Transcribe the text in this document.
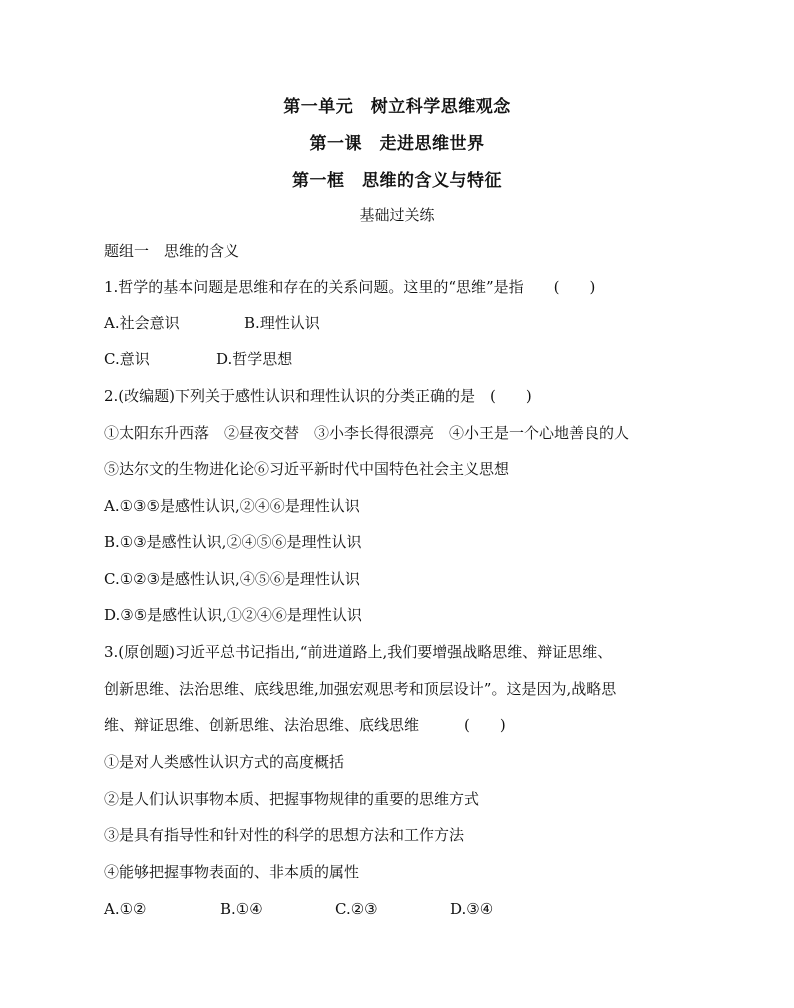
第一单元　树立科学思维观念
第一课　走进思维世界
第一框　思维的含义与特征
基础过关练
题组一　思维的含义
1.哲学的基本问题是思维和存在的关系问题。这里的“思维”是指　　(　　)
A.社会意识	B.理性认识
C.意识	D.哲学思想
2.(改编题)下列关于感性认识和理性认识的分类正确的是　(　　)
①太阳东升西落　②昼夜交替　③小李长得很漂亮　④小王是一个心地善良的人
⑤达尔文的生物进化论⑥习近平新时代中国特色社会主义思想
A.①③⑤是感性认识,②④⑥是理性认识
B.①③是感性认识,②④⑤⑥是理性认识
C.①②③是感性认识,④⑤⑥是理性认识
D.③⑤是感性认识,①②④⑥是理性认识
3.(原创题)习近平总书记指出,“前进道路上,我们要增强战略思维、辩证思维、
创新思维、法治思维、底线思维,加强宏观思考和顶层设计”。这是因为,战略思
维、辩证思维、创新思维、法治思维、底线思维　　　(　　)
①是对人类感性认识方式的高度概括
②是人们认识事物本质、把握事物规律的重要的思维方式
③是具有指导性和针对性的科学的思想方法和工作方法
④能够把握事物表面的、非本质的属性
A.①②	B.①④	C.②③	D.③④
